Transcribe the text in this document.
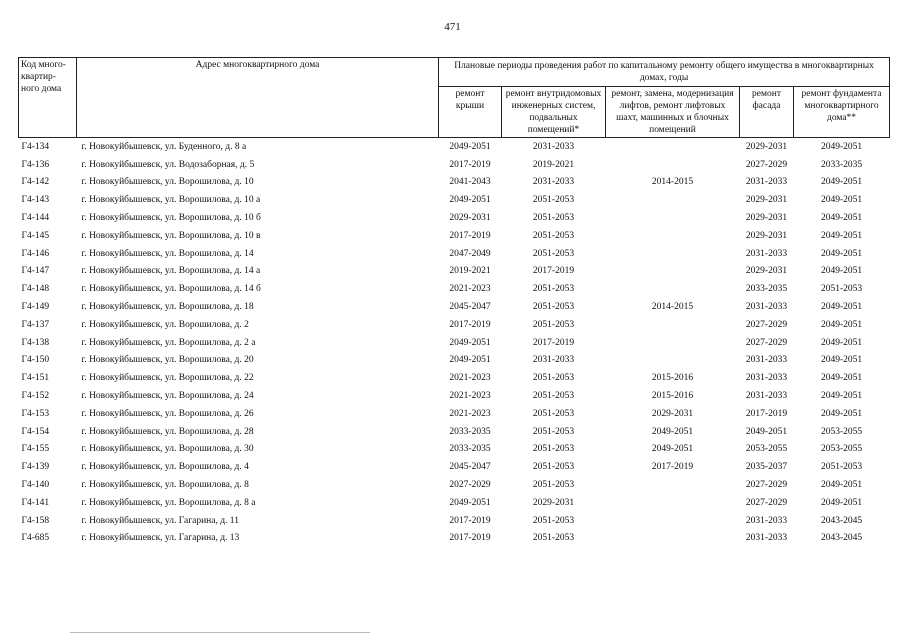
471
Код много-квартир-ного дома	Адрес многоквартирного дома	Плановые периоды проведения работ по капитальному ремонту общего имущества в многоквартирных домах, годы				
		ремонт крыши	ремонт внутридомовых инженерных систем, подвальных помещений*	ремонт, замена, модернизация лифтов, ремонт лифтовых шахт, машинных и блочных помещений	ремонт фасада	ремонт фундамента многоквартирного дома**
Г4-134	г. Новокуйбышевск, ул. Буденного, д. 8 а	2049-2051	2031-2033		2029-2031	2049-2051
Г4-136	г. Новокуйбышевск, ул. Водозаборная, д. 5	2017-2019	2019-2021		2027-2029	2033-2035
Г4-142	г. Новокуйбышевск, ул. Ворошилова, д. 10	2041-2043	2031-2033	2014-2015	2031-2033	2049-2051
Г4-143	г. Новокуйбышевск, ул. Ворошилова, д. 10 а	2049-2051	2051-2053		2029-2031	2049-2051
Г4-144	г. Новокуйбышевск, ул. Ворошилова, д. 10 б	2029-2031	2051-2053		2029-2031	2049-2051
Г4-145	г. Новокуйбышевск, ул. Ворошилова, д. 10 в	2017-2019	2051-2053		2029-2031	2049-2051
Г4-146	г. Новокуйбышевск, ул. Ворошилова, д. 14	2047-2049	2051-2053		2031-2033	2049-2051
Г4-147	г. Новокуйбышевск, ул. Ворошилова, д. 14 а	2019-2021	2017-2019		2029-2031	2049-2051
Г4-148	г. Новокуйбышевск, ул. Ворошилова, д. 14 б	2021-2023	2051-2053		2033-2035	2051-2053
Г4-149	г. Новокуйбышевск, ул. Ворошилова, д. 18	2045-2047	2051-2053	2014-2015	2031-2033	2049-2051
Г4-137	г. Новокуйбышевск, ул. Ворошилова, д. 2	2017-2019	2051-2053		2027-2029	2049-2051
Г4-138	г. Новокуйбышевск, ул. Ворошилова, д. 2 а	2049-2051	2017-2019		2027-2029	2049-2051
Г4-150	г. Новокуйбышевск, ул. Ворошилова, д. 20	2049-2051	2031-2033		2031-2033	2049-2051
Г4-151	г. Новокуйбышевск, ул. Ворошилова, д. 22	2021-2023	2051-2053	2015-2016	2031-2033	2049-2051
Г4-152	г. Новокуйбышевск, ул. Ворошилова, д. 24	2021-2023	2051-2053	2015-2016	2031-2033	2049-2051
Г4-153	г. Новокуйбышевск, ул. Ворошилова, д. 26	2021-2023	2051-2053	2029-2031	2017-2019	2049-2051
Г4-154	г. Новокуйбышевск, ул. Ворошилова, д. 28	2033-2035	2051-2053	2049-2051	2049-2051	2053-2055
Г4-155	г. Новокуйбышевск, ул. Ворошилова, д. 30	2033-2035	2051-2053	2049-2051	2053-2055	2053-2055
Г4-139	г. Новокуйбышевск, ул. Ворошилова, д. 4	2045-2047	2051-2053	2017-2019	2035-2037	2051-2053
Г4-140	г. Новокуйбышевск, ул. Ворошилова, д. 8	2027-2029	2051-2053		2027-2029	2049-2051
Г4-141	г. Новокуйбышевск, ул. Ворошилова, д. 8 а	2049-2051	2029-2031		2027-2029	2049-2051
Г4-158	г. Новокуйбышевск, ул. Гагарина, д. 11	2017-2019	2051-2053		2031-2033	2043-2045
Г4-685	г. Новокуйбышевск, ул. Гагарина, д. 13	2017-2019	2051-2053		2031-2033	2043-2045
